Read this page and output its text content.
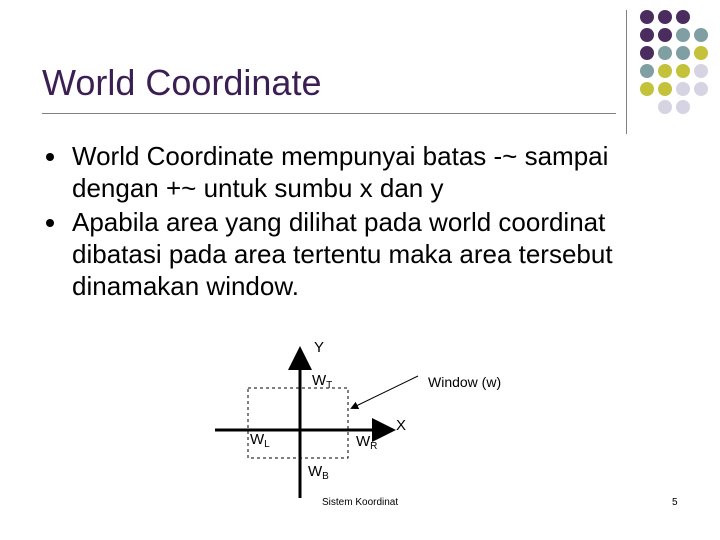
World Coordinate
World Coordinate mempunyai batas -~ sampai dengan +~ untuk sumbu x dan y
Apabila area yang dilihat pada world coordinat dibatasi pada area tertentu maka area tersebut dinamakan window.
Y
X
Window (w)
$W_T$
$W_L$	$W_R$
$W_B$
Sistem Koordinat	5
